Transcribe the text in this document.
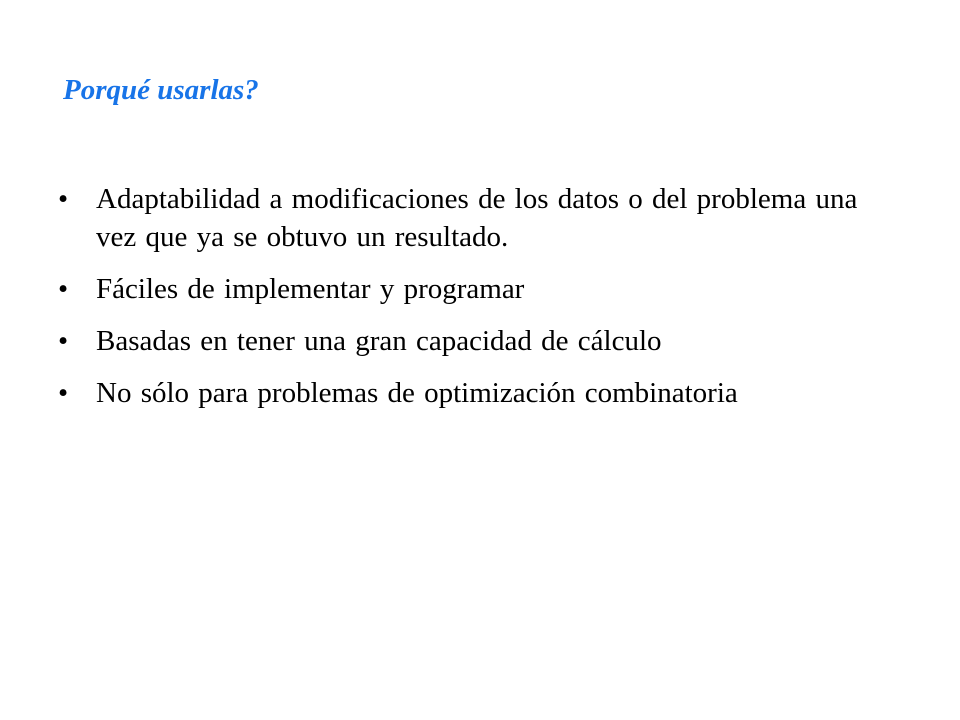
Porqué usarlas?
• Adaptabilidad a modificaciones de los datos o del problema una vez que ya se obtuvo un resultado.
• Fáciles de implementar y programar
• Basadas en tener una gran capacidad de cálculo
• No sólo para problemas de optimización combinatoria
